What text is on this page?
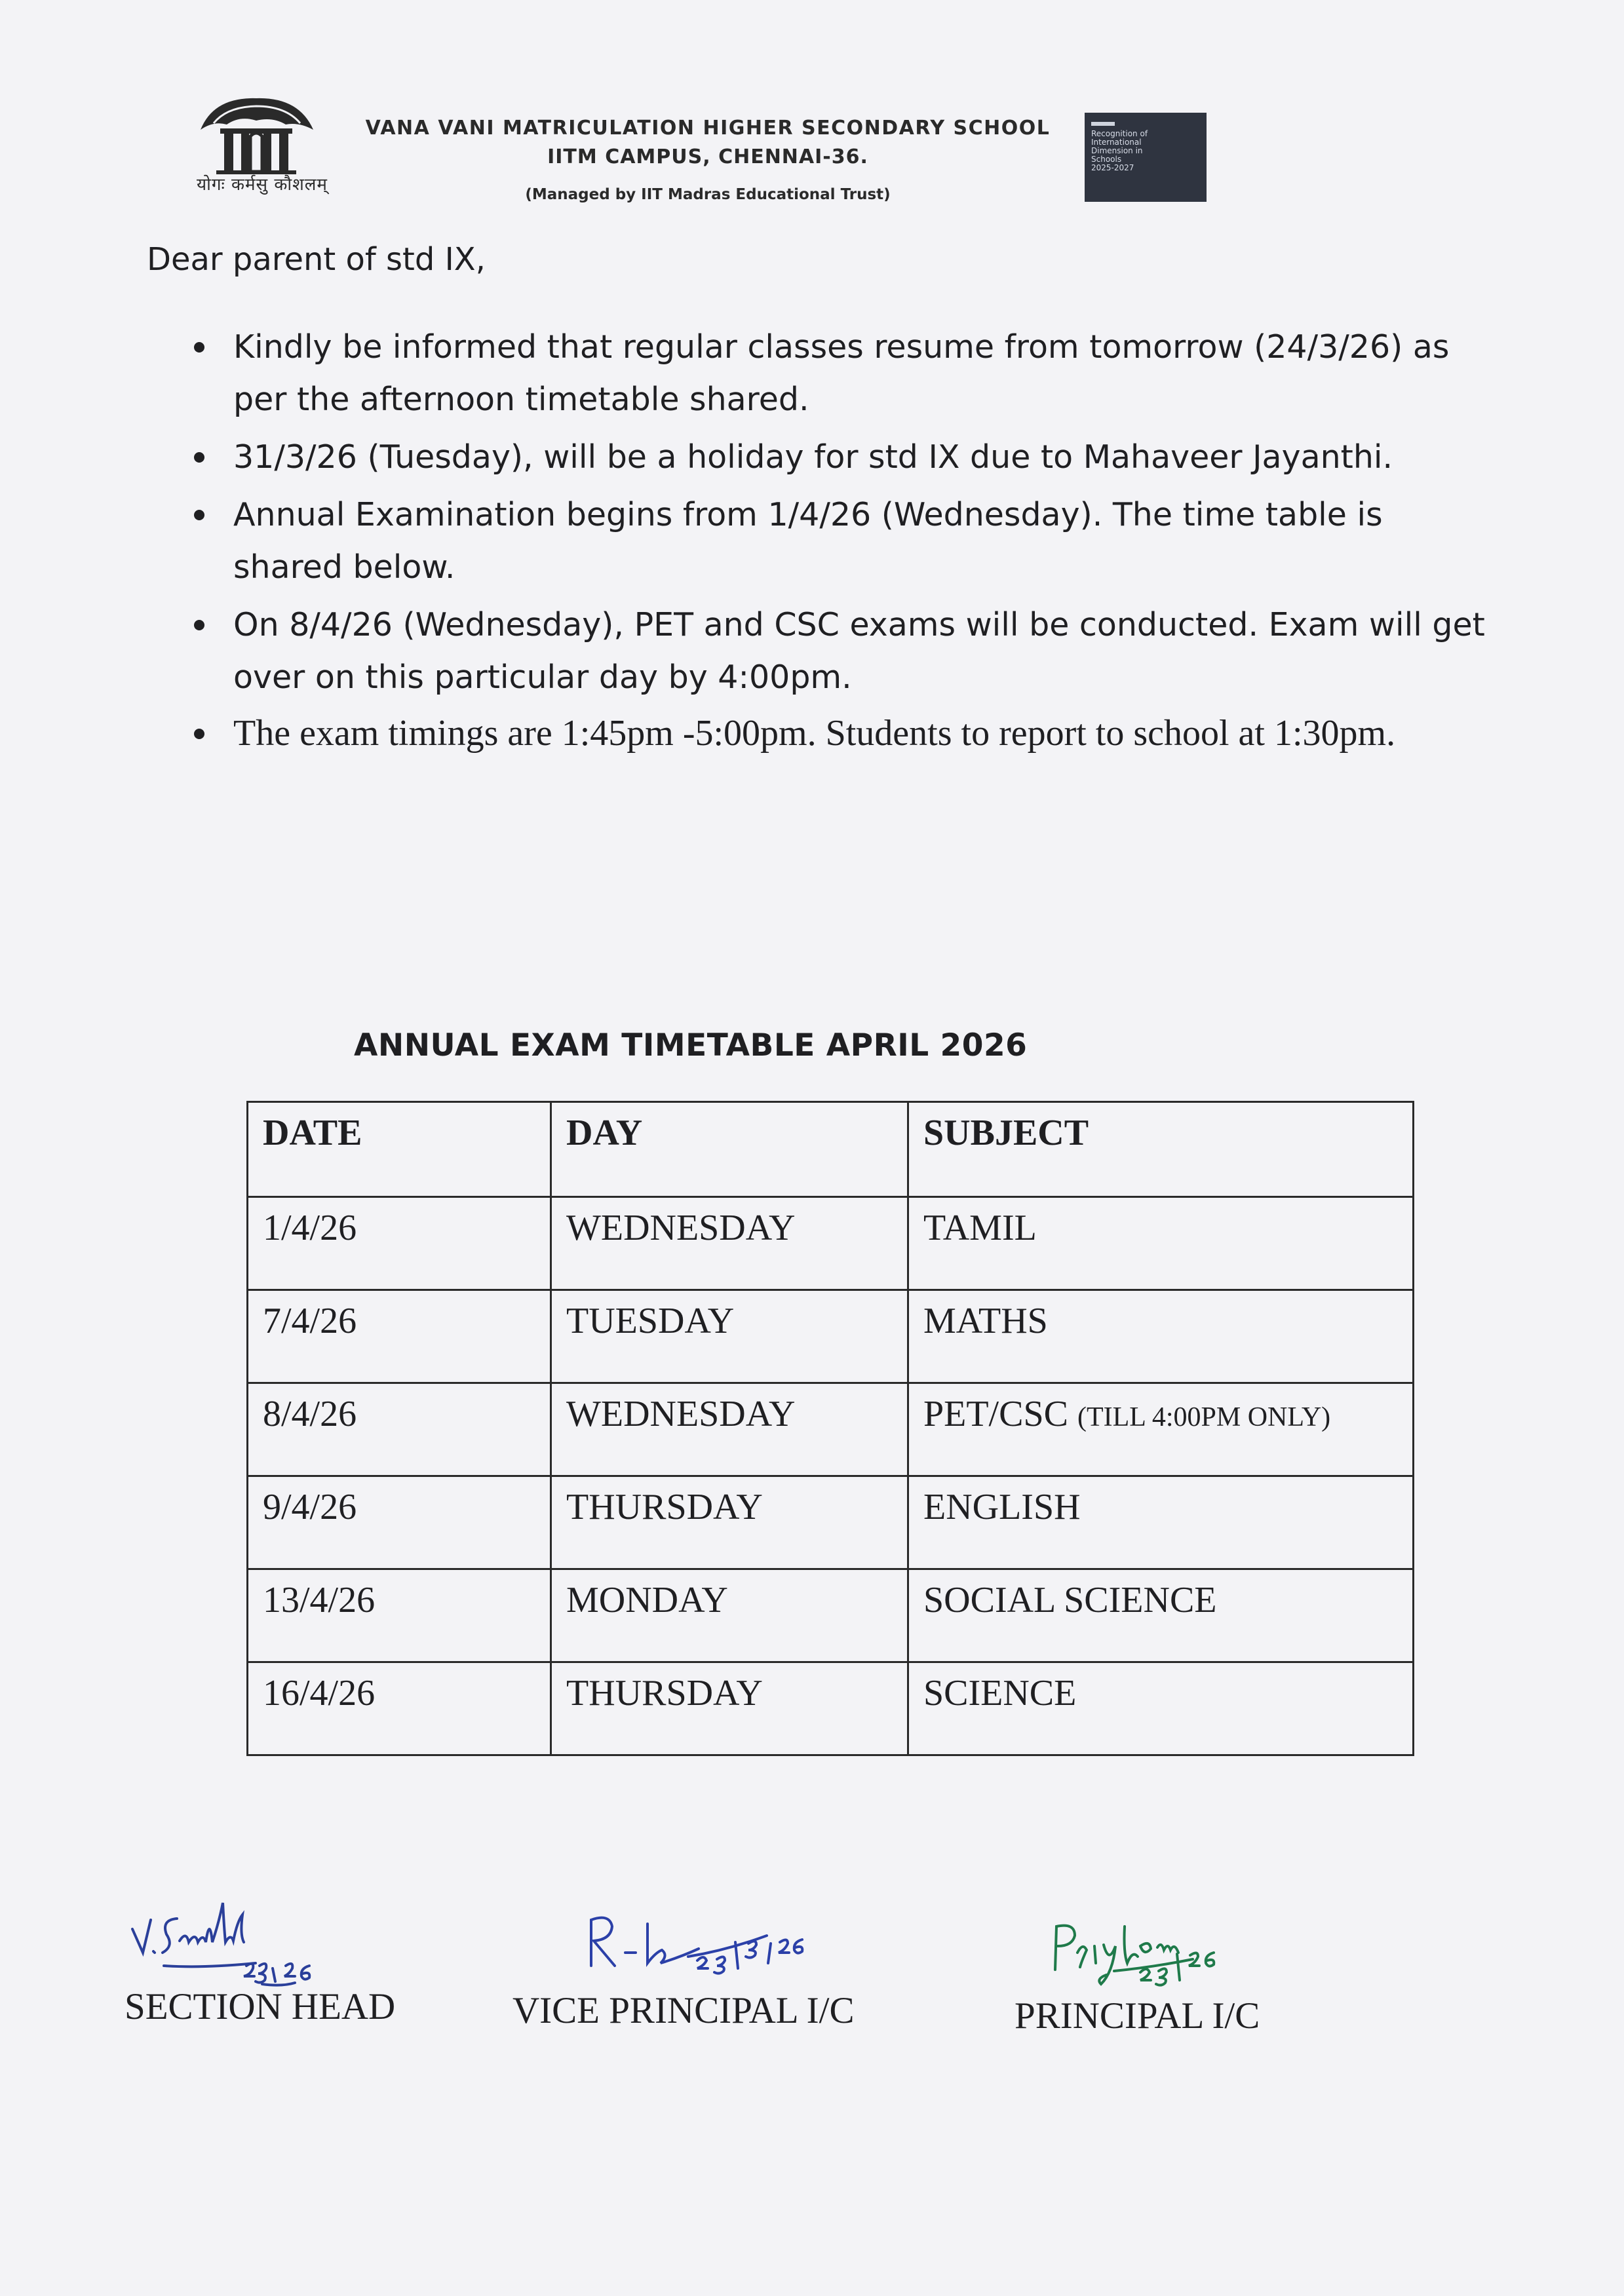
योगः कर्मसु कौशलम्

VANA VANI MATRICULATION HIGHER SECONDARY SCHOOL

IITM CAMPUS, CHENNAI-36.

(Managed by IIT Madras Educational Trust)

Recognition of
International
Dimension in
Schools
2025-2027
Dear parent of std IX,
Kindly be informed that regular classes resume from tomorrow (24/3/26) as per the afternoon timetable shared.
31/3/26 (Tuesday), will be a holiday for std IX due to Mahaveer Jayanthi.
Annual Examination begins from 1/4/26 (Wednesday). The time table is shared below.
On 8/4/26 (Wednesday), PET and CSC exams will be conducted. Exam will get over on this particular day by 4:00pm.
The exam timings are 1:45pm -5:00pm. Students to report to school at 1:30pm.
ANNUAL EXAM TIMETABLE APRIL 2026
DATE	DAY	SUBJECT
1/4/26	WEDNESDAY	TAMIL
7/4/26	TUESDAY	MATHS
8/4/26	WEDNESDAY	PET/CSC (TILL 4:00PM ONLY)
9/4/26	THURSDAY	ENGLISH
13/4/26	MONDAY	SOCIAL SCIENCE
16/4/26	THURSDAY	SCIENCE
SECTION HEAD	VICE PRINCIPAL I/C	PRINCIPAL I/C
